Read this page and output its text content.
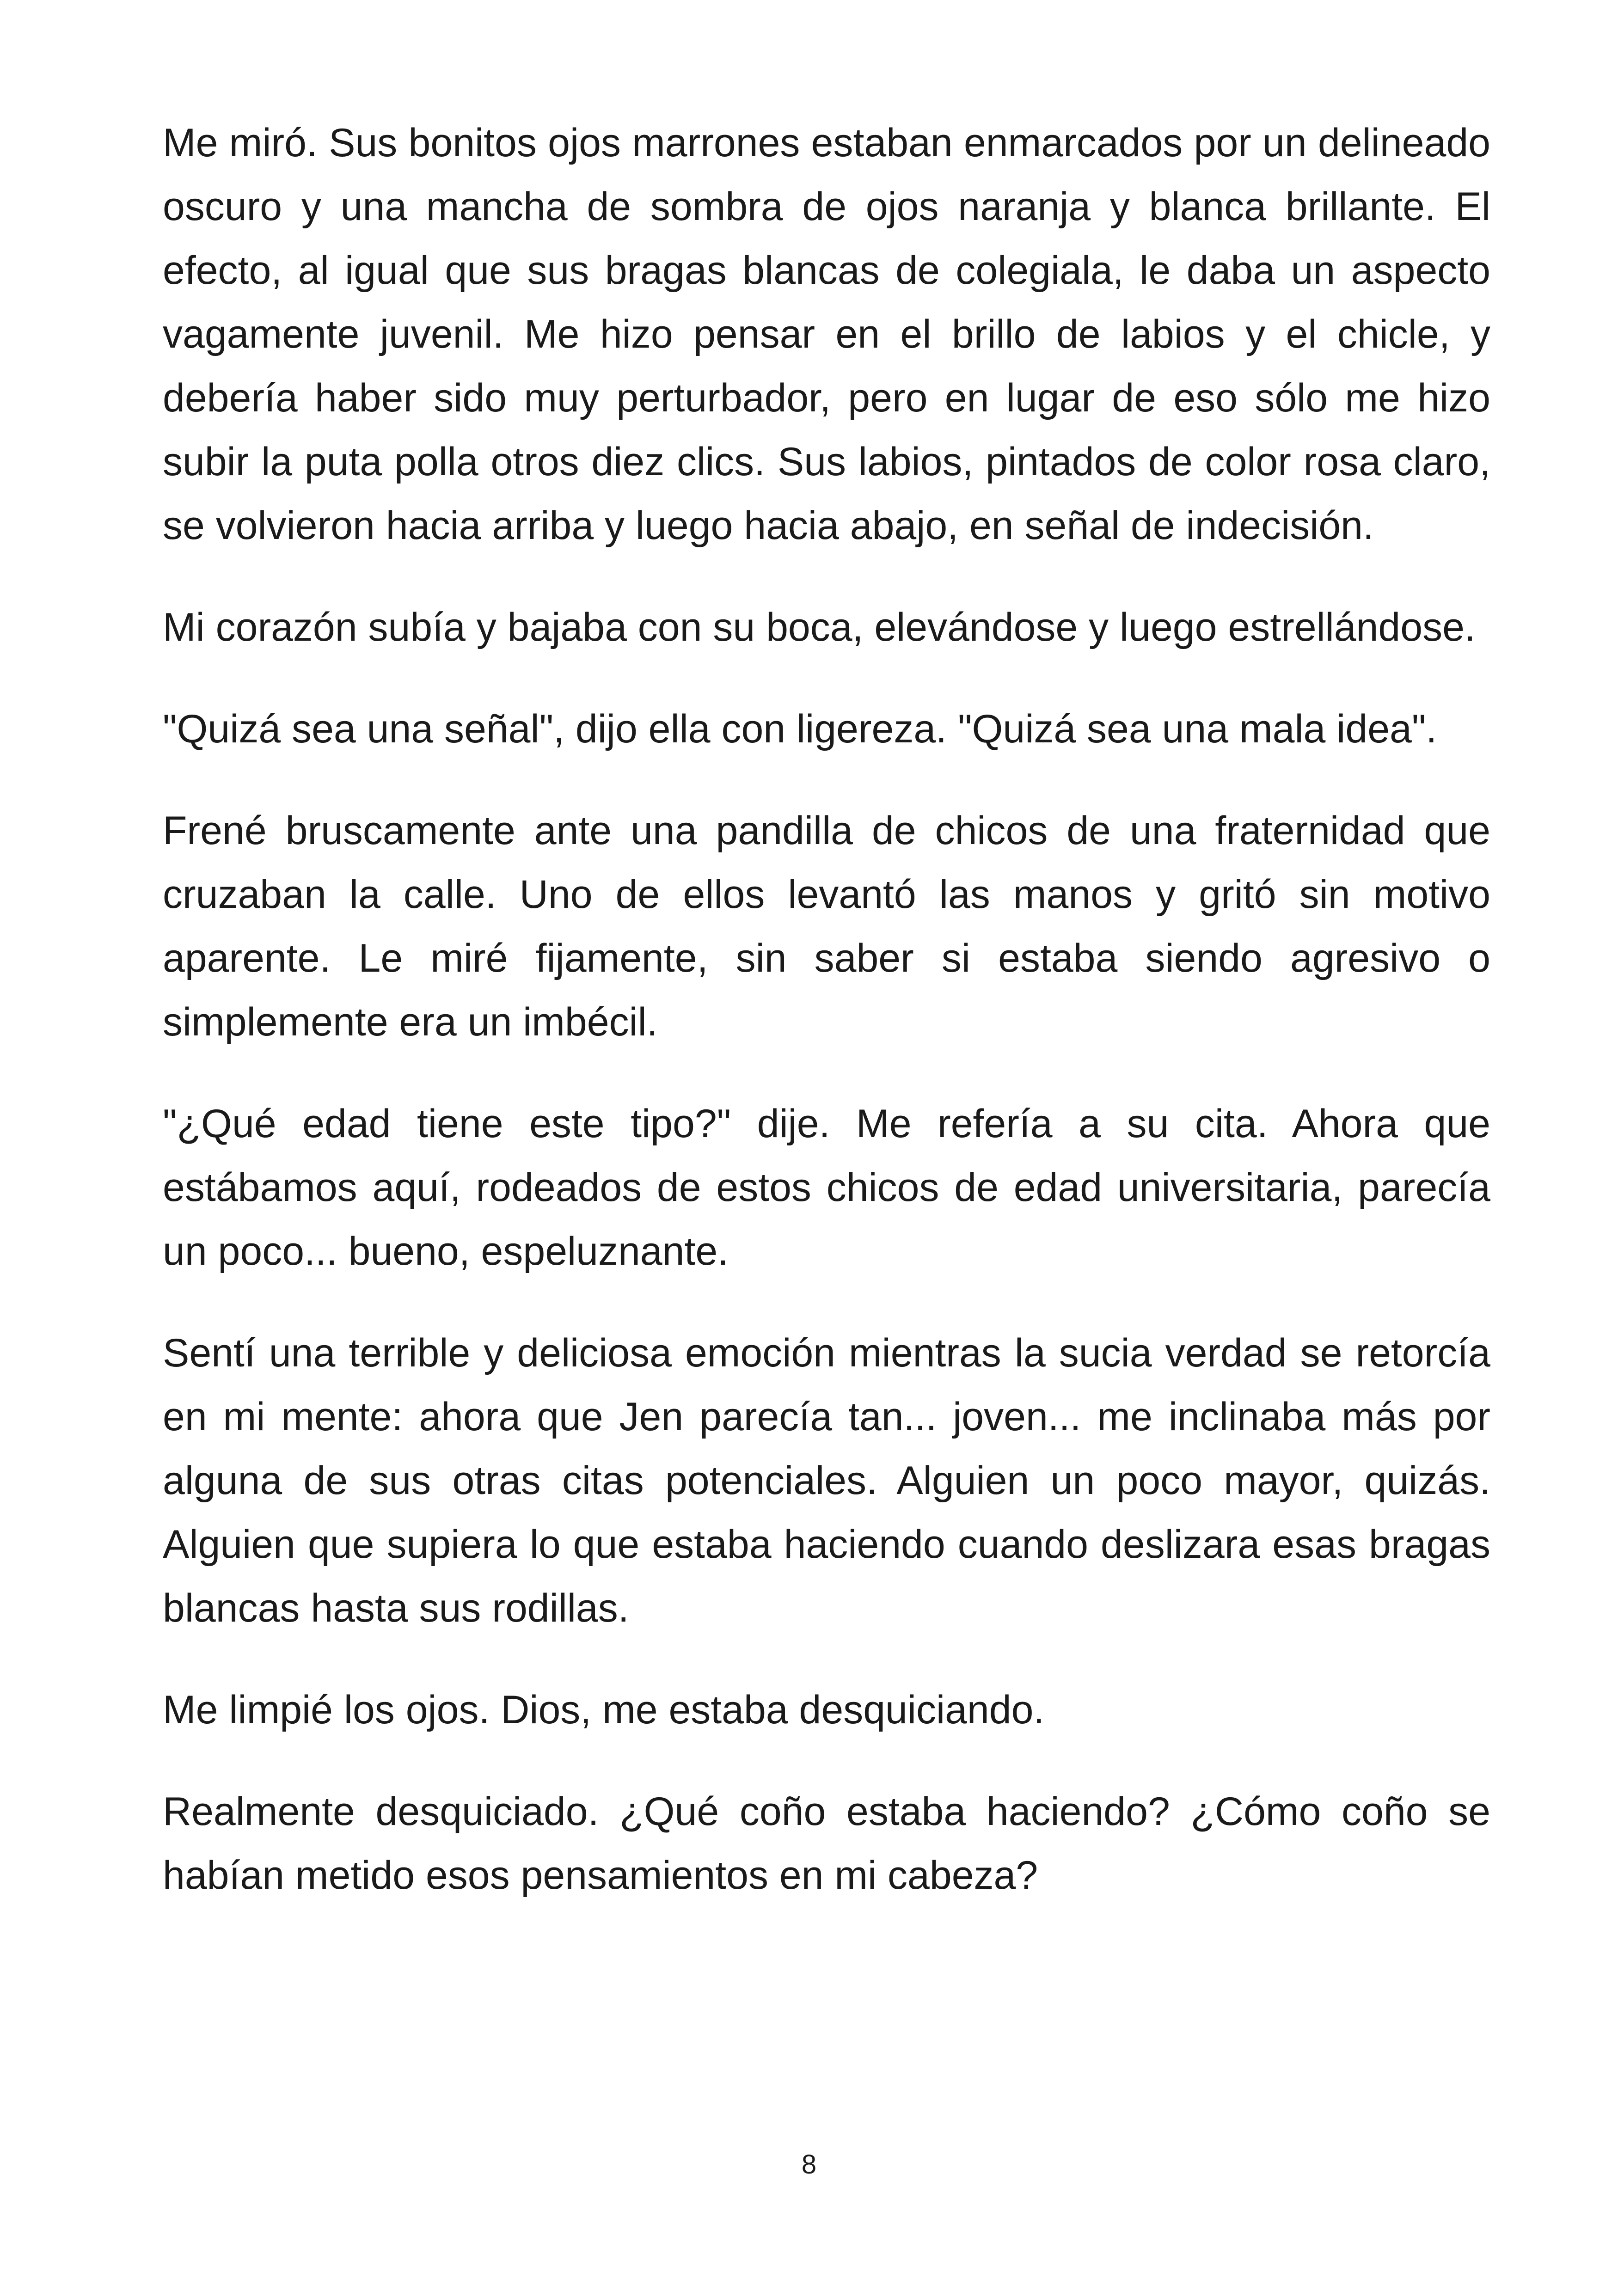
Me miró. Sus bonitos ojos marrones estaban enmarcados por un delineado oscuro y una mancha de sombra de ojos naranja y blanca brillante. El efecto, al igual que sus bragas blancas de colegiala, le daba un aspecto vagamente juvenil. Me hizo pensar en el brillo de labios y el chicle, y debería haber sido muy perturbador, pero en lugar de eso sólo me hizo subir la puta polla otros diez clics. Sus labios, pintados de color rosa claro, se volvieron hacia arriba y luego hacia abajo, en señal de indecisión.

Mi corazón subía y bajaba con su boca, elevándose y luego estrellándose.

"Quizá sea una señal", dijo ella con ligereza. "Quizá sea una mala idea".

Frené bruscamente ante una pandilla de chicos de una fraternidad que cruzaban la calle. Uno de ellos levantó las manos y gritó sin motivo aparente. Le miré fijamente, sin saber si estaba siendo agresivo o simplemente era un imbécil.

"¿Qué edad tiene este tipo?" dije. Me refería a su cita. Ahora que estábamos aquí, rodeados de estos chicos de edad universitaria, parecía un poco... bueno, espeluznante.

Sentí una terrible y deliciosa emoción mientras la sucia verdad se retorcía en mi mente: ahora que Jen parecía tan... joven... me inclinaba más por alguna de sus otras citas potenciales. Alguien un poco mayor, quizás. Alguien que supiera lo que estaba haciendo cuando deslizara esas bragas blancas hasta sus rodillas.

Me limpié los ojos. Dios, me estaba desquiciando.

Realmente desquiciado. ¿Qué coño estaba haciendo? ¿Cómo coño se habían metido esos pensamientos en mi cabeza?

8
